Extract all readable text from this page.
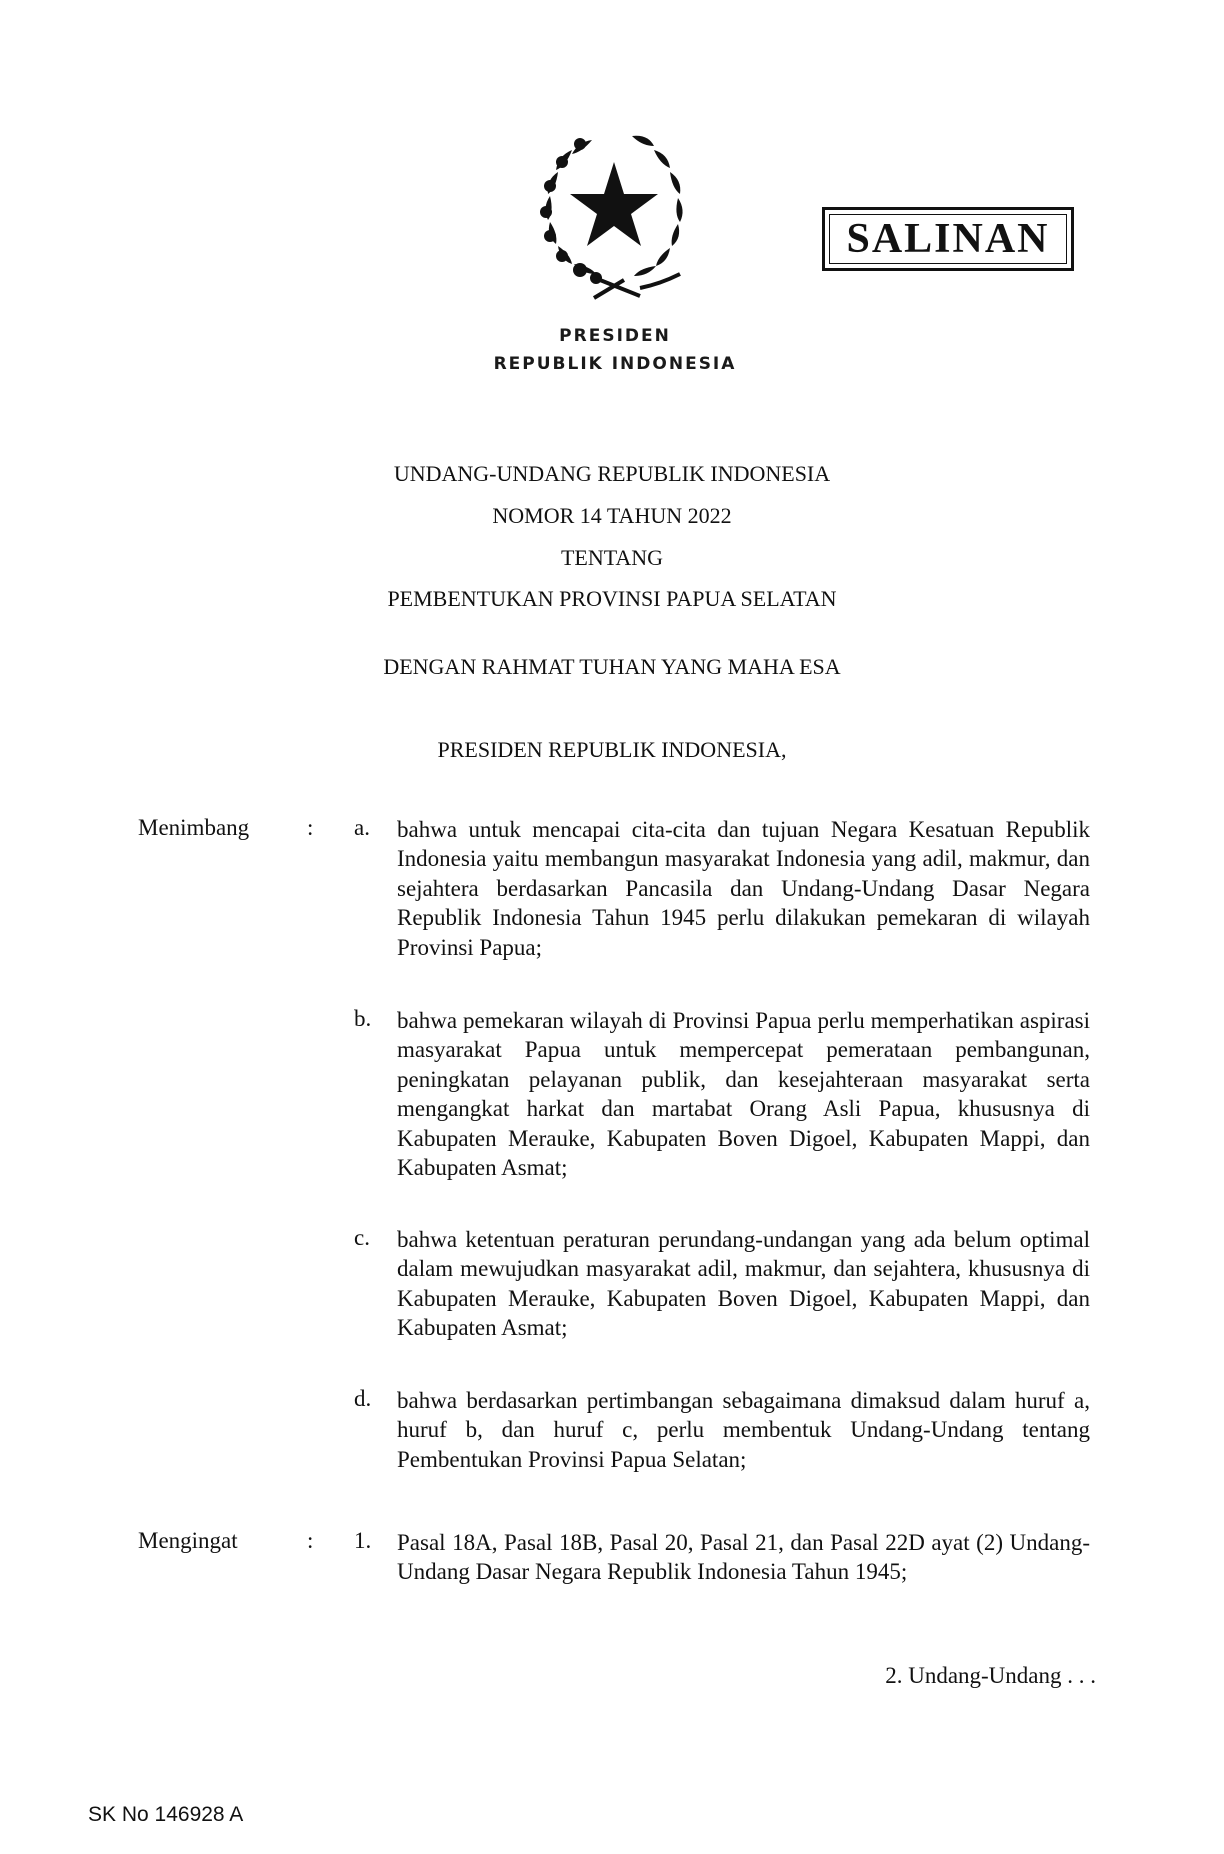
SALINAN
PRESIDEN
REPUBLIK INDONESIA
UNDANG-UNDANG REPUBLIK INDONESIA
NOMOR 14 TAHUN 2022
TENTANG
PEMBENTUKAN PROVINSI PAPUA SELATAN
DENGAN RAHMAT TUHAN YANG MAHA ESA
PRESIDEN REPUBLIK INDONESIA,
Menimbang	: a. bahwa untuk mencapai cita-cita dan tujuan Negara Kesatuan Republik Indonesia yaitu membangun masyarakat Indonesia yang adil, makmur, dan sejahtera berdasarkan Pancasila dan Undang-Undang Dasar Negara Republik Indonesia Tahun 1945 perlu dilakukan pemekaran di wilayah Provinsi Papua;
b. bahwa pemekaran wilayah di Provinsi Papua perlu memperhatikan aspirasi masyarakat Papua untuk mempercepat pemerataan pembangunan, peningkatan pelayanan publik, dan kesejahteraan masyarakat serta mengangkat harkat dan martabat Orang Asli Papua, khususnya di Kabupaten Merauke, Kabupaten Boven Digoel, Kabupaten Mappi, dan Kabupaten Asmat;
c. bahwa ketentuan peraturan perundang-undangan yang ada belum optimal dalam mewujudkan masyarakat adil, makmur, dan sejahtera, khususnya di Kabupaten Merauke, Kabupaten Boven Digoel, Kabupaten Mappi, dan Kabupaten Asmat;
d. bahwa berdasarkan pertimbangan sebagaimana dimaksud dalam huruf a, huruf b, dan huruf c, perlu membentuk Undang-Undang tentang Pembentukan Provinsi Papua Selatan;
Mengingat	: 1. Pasal 18A, Pasal 18B, Pasal 20, Pasal 21, dan Pasal 22D ayat (2) Undang-Undang Dasar Negara Republik Indonesia Tahun 1945;
2. Undang-Undang . . .
SK No 146928 A
